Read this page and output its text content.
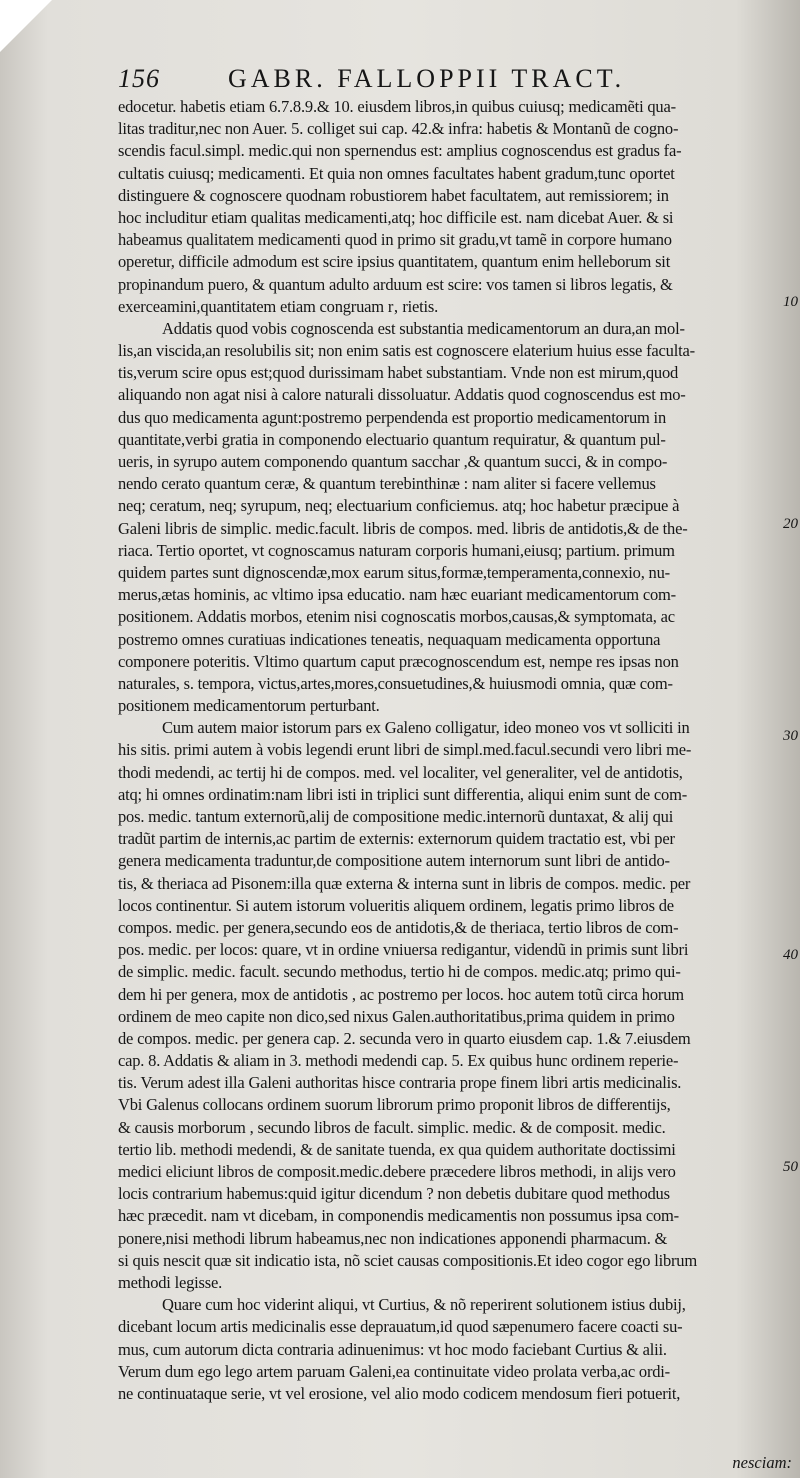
156	GABR. FALLOPPII TRACT.
edocetur. habetis etiam 6.7.8.9.& 10. eiusdem libros,in quibus cuiusq; medicamẽti qua-
litas traditur,nec non Auer. 5. colliget sui cap. 42.& infra: habetis & Montanũ de cogno-
scendis facul.simpl. medic.qui non spernendus est: amplius cognoscendus est gradus fa-
cultatis cuiusq; medicamenti. Et quia non omnes facultates habent gradum,tunc oportet
distinguere & cognoscere quodnam robustiorem habet facultatem, aut remissiorem; in
hoc includitur etiam qualitas medicamenti,atq; hoc difficile est. nam dicebat Auer. & si
habeamus qualitatem medicamenti quod in primo sit gradu,vt tamẽ in corpore humano
operetur, difficile admodum est scire ipsius quantitatem, quantum enim helleborum sit
propinandum puero, & quantum adulto arduum est scire: vos tamen si libros legatis, &
exerceamini,quantitatem etiam congruam r‚ rietis.
Addatis quod vobis cognoscenda est substantia medicamentorum an dura,an mol-
lis,an viscida,an resolubilis sit; non enim satis est cognoscere elaterium huius esse faculta-
tis,verum scire opus est;quod durissimam habet substantiam. Vnde non est mirum,quod
aliquando non agat nisi à calore naturali dissoluatur. Addatis quod cognoscendus est mo-
dus quo medicamenta agunt:postremo perpendenda est proportio medicamentorum in
quantitate,verbi gratia in componendo electuario quantum requiratur, & quantum pul-
ueris, in syrupo autem componendo quantum sacchar ,& quantum succi, & in compo-
nendo cerato quantum ceræ, & quantum terebinthinæ : nam aliter si facere vellemus
neq; ceratum, neq; syrupum, neq; electuarium conficiemus. atq; hoc habetur præcipue à
Galeni libris de simplic. medic.facult. libris de compos. med. libris de antidotis,& de the-
riaca. Tertio oportet, vt cognoscamus naturam corporis humani,eiusq; partium. primum
quidem partes sunt dignoscendæ,mox earum situs,formæ,temperamenta,connexio, nu-
merus,ætas hominis, ac vltimo ipsa educatio. nam hæc euariant medicamentorum com-
positionem. Addatis morbos, etenim nisi cognoscatis morbos,causas,& symptomata, ac
postremo omnes curatiuas indicationes teneatis, nequaquam medicamenta opportuna
componere poteritis. Vltimo quartum caput præcognoscendum est, nempe res ipsas non
naturales, s. tempora, victus,artes,mores,consuetudines,& huiusmodi omnia, quæ com-
positionem medicamentorum perturbant.
Cum autem maior istorum pars ex Galeno colligatur, ideo moneo vos vt solliciti in
his sitis. primi autem à vobis legendi erunt libri de simpl.med.facul.secundi vero libri me-
thodi medendi, ac tertij hi de compos. med. vel localiter, vel generaliter, vel de antidotis,
atq; hi omnes ordinatim:nam libri isti in triplici sunt differentia, aliqui enim sunt de com-
pos. medic. tantum externorũ,alij de compositione medic.internorũ duntaxat, & alij qui
tradũt partim de internis,ac partim de externis: externorum quidem tractatio est, vbi per
genera medicamenta traduntur,de compositione autem internorum sunt libri de antido-
tis, & theriaca ad Pisonem:illa quæ externa & interna sunt in libris de compos. medic. per
locos continentur. Si autem istorum volueritis aliquem ordinem, legatis primo libros de
compos. medic. per genera,secundo eos de antidotis,& de theriaca, tertio libros de com-
pos. medic. per locos: quare, vt in ordine vniuersa redigantur, videndũ in primis sunt libri
de simplic. medic. facult. secundo methodus, tertio hi de compos. medic.atq; primo qui-
dem hi per genera, mox de antidotis , ac postremo per locos. hoc autem totũ circa horum
ordinem de meo capite non dico,sed nixus Galen.authoritatibus,prima quidem in primo
de compos. medic. per genera cap. 2. secunda vero in quarto eiusdem cap. 1.& 7.eiusdem
cap. 8. Addatis & aliam in 3. methodi medendi cap. 5. Ex quibus hunc ordinem reperie-
tis. Verum adest illa Galeni authoritas hisce contraria prope finem libri artis medicinalis.
Vbi Galenus collocans ordinem suorum librorum primo proponit libros de differentijs,
& causis morborum , secundo libros de facult. simplic. medic. & de composit. medic.
tertio lib. methodi medendi, & de sanitate tuenda, ex qua quidem authoritate doctissimi
medici eliciunt libros de composit.medic.debere præcedere libros methodi, in alijs vero
locis contrarium habemus:quid igitur dicendum ? non debetis dubitare quod methodus
hæc præcedit. nam vt dicebam, in componendis medicamentis non possumus ipsa com-
ponere,nisi methodi librum habeamus,nec non indicationes apponendi pharmacum. &
si quis nescit quæ sit indicatio ista, nõ sciet causas compositionis.Et ideo cogor ego librum
methodi legisse.
Quare cum hoc viderint aliqui, vt Curtius, & nõ reperirent solutionem istius dubij,
dicebant locum artis medicinalis esse deprauatum,id quod sæpenumero facere coacti su-
mus, cum autorum dicta contraria adinuenimus: vt hoc modo faciebant Curtius & alii.
Verum dum ego lego artem paruam Galeni,ea continuitate video prolata verba,ac ordi-
ne continuataque serie, vt vel erosione, vel alio modo codicem mendosum fieri potuerit,
10
20
30
40
50
nesciam:
